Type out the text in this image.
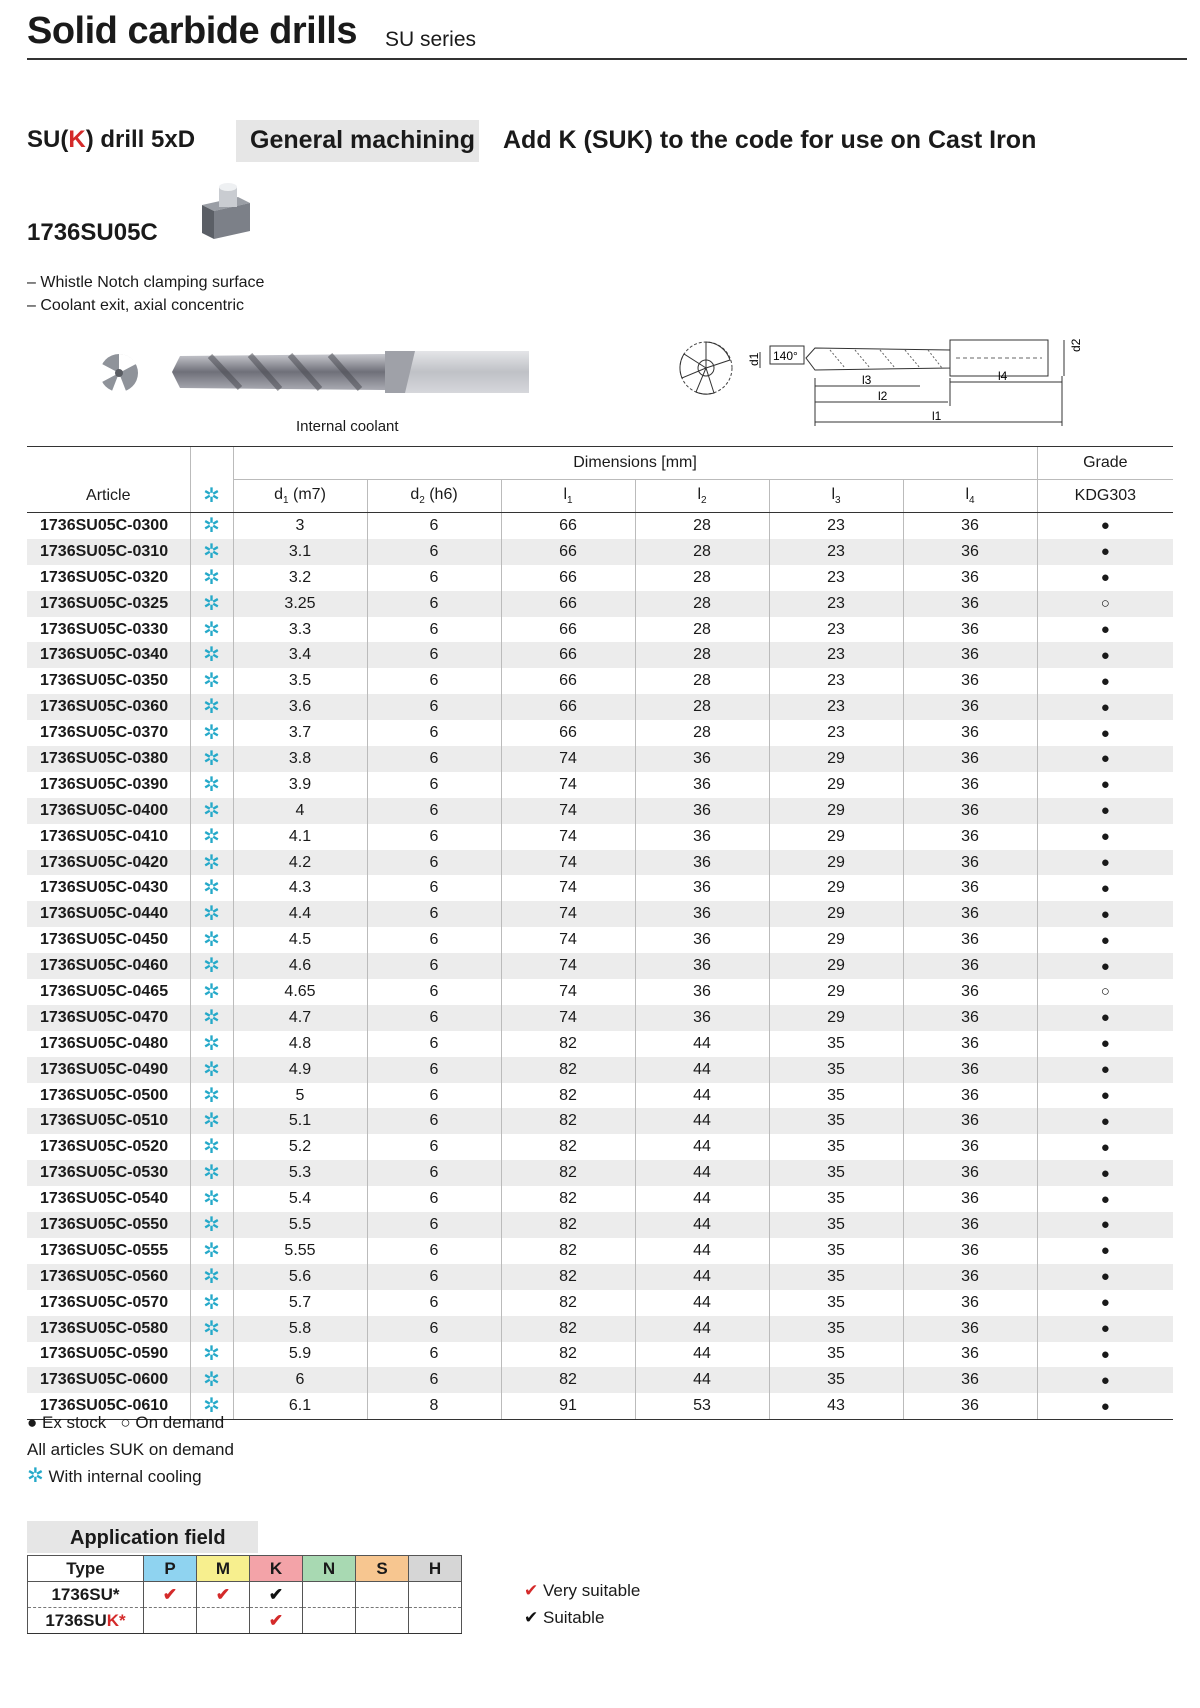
Solid carbide drills SU series
SU(K) drill 5xD General machining Add K (SUK) to the code for use on Cast Iron
1736SU05C
– Whistle Notch clamping surface
– Coolant exit, axial concentric
Internal coolant
d1 140°
d2
l3
l2
l4
l1
		Dimensions [mm]						Grade
Article	✲	$d_1$ (m7)	$d_2$ (h6)	$l_1$	$l_2$	$l_3$	$l_4$	KDG303
1736SU05C-0300	✲	3	6	66	28	23	36	●
1736SU05C-0310	✲	3.1	6	66	28	23	36	●
1736SU05C-0320	✲	3.2	6	66	28	23	36	●
1736SU05C-0325	✲	3.25	6	66	28	23	36	○
1736SU05C-0330	✲	3.3	6	66	28	23	36	●
1736SU05C-0340	✲	3.4	6	66	28	23	36	●
1736SU05C-0350	✲	3.5	6	66	28	23	36	●
1736SU05C-0360	✲	3.6	6	66	28	23	36	●
1736SU05C-0370	✲	3.7	6	66	28	23	36	●
1736SU05C-0380	✲	3.8	6	74	36	29	36	●
1736SU05C-0390	✲	3.9	6	74	36	29	36	●
1736SU05C-0400	✲	4	6	74	36	29	36	●
1736SU05C-0410	✲	4.1	6	74	36	29	36	●
1736SU05C-0420	✲	4.2	6	74	36	29	36	●
1736SU05C-0430	✲	4.3	6	74	36	29	36	●
1736SU05C-0440	✲	4.4	6	74	36	29	36	●
1736SU05C-0450	✲	4.5	6	74	36	29	36	●
1736SU05C-0460	✲	4.6	6	74	36	29	36	●
1736SU05C-0465	✲	4.65	6	74	36	29	36	○
1736SU05C-0470	✲	4.7	6	74	36	29	36	●
1736SU05C-0480	✲	4.8	6	82	44	35	36	●
1736SU05C-0490	✲	4.9	6	82	44	35	36	●
1736SU05C-0500	✲	5	6	82	44	35	36	●
1736SU05C-0510	✲	5.1	6	82	44	35	36	●
1736SU05C-0520	✲	5.2	6	82	44	35	36	●
1736SU05C-0530	✲	5.3	6	82	44	35	36	●
1736SU05C-0540	✲	5.4	6	82	44	35	36	●
1736SU05C-0550	✲	5.5	6	82	44	35	36	●
1736SU05C-0555	✲	5.55	6	82	44	35	36	●
1736SU05C-0560	✲	5.6	6	82	44	35	36	●
1736SU05C-0570	✲	5.7	6	82	44	35	36	●
1736SU05C-0580	✲	5.8	6	82	44	35	36	●
1736SU05C-0590	✲	5.9	6	82	44	35	36	●
1736SU05C-0600	✲	6	6	82	44	35	36	●
1736SU05C-0610	✲	6.1	8	91	53	43	36	●
● Ex stock ○ On demand
All articles SUK on demand
✲ With internal cooling
Application field
Type	P	M	K	N	S	H
1736SU*	✔	✔	✔			
1736SUK*			✔			
✔ Very suitable
✔ Suitable
